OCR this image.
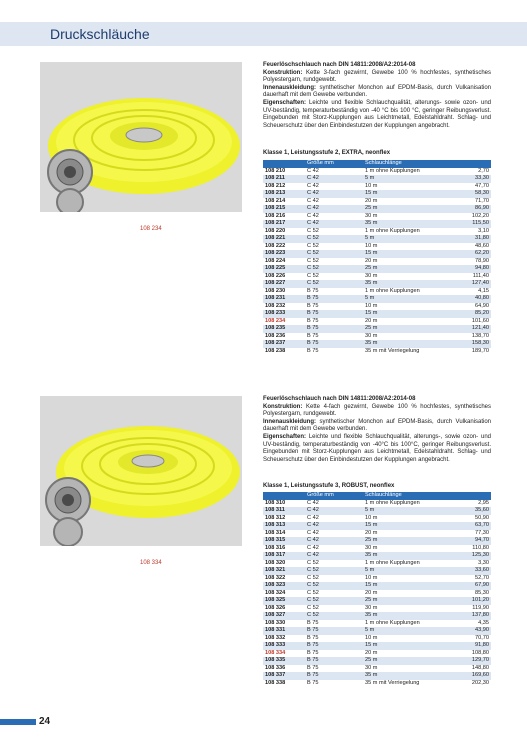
Druckschläuche
108 234
Feuerlöschschlauch nach DIN 14811:2008/A2:2014-08
Konstruktion: Kette 3-fach gezwirnt, Gewebe 100 % hochfestes, synthetisches Polyestergarn, rundgewebt.
Innenauskleidung: synthetischer Monchon auf EPDM-Basis, durch Vulkanisation dauerhaft mit dem Gewebe verbunden.
Eigenschaften: Leichte und flexible Schlauchqualität, alterungs- sowie ozon- und UV-beständig, temperaturbeständig von -40 °C bis 100 °C, geringer Reibungsverlust. Eingebunden mit Storz-Kupplungen aus Leichtmetall, Edelstahldraht. Schlag- und Scheuerschutz über den Einbindestutzen der Kupplungen angebracht.
Klasse 1, Leistungsstufe 2, EXTRA, neonflex
	Größe mm	Schlauchlänge	
108 210	C 42	1 m ohne Kupplungen	2,70
108 211	C 42	5 m	33,30
108 212	C 42	10 m	47,70
108 213	C 42	15 m	58,30
108 214	C 42	20 m	71,70
108 215	C 42	25 m	86,90
108 216	C 42	30 m	102,20
108 217	C 42	35 m	115,50
108 220	C 52	1 m ohne Kupplungen	3,10
108 221	C 52	5 m	31,80
108 222	C 52	10 m	48,60
108 223	C 52	15 m	62,20
108 224	C 52	20 m	78,90
108 225	C 52	25 m	94,80
108 226	C 52	30 m	111,40
108 227	C 52	35 m	127,40
108 230	B 75	1 m ohne Kupplungen	4,15
108 231	B 75	5 m	40,80
108 232	B 75	10 m	64,90
108 233	B 75	15 m	85,20
108 234	B 75	20 m	101,60
108 235	B 75	25 m	121,40
108 236	B 75	30 m	138,70
108 237	B 75	35 m	158,30
108 238	B 75	35 m mit Verriegelung	189,70
108 334
Feuerlöschschlauch nach DIN 14811:2008/A2:2014-08
Konstruktion: Kette 4-fach gezwirnt, Gewebe 100 % hochfestes, synthetisches Polyestergarn, rundgewebt.
Innenauskleidung: synthetischer Monchon auf EPDM-Basis, durch Vulkanisation dauerhaft mit dem Gewebe verbunden.
Eigenschaften: Leichte und flexible Schlauchqualität, alterungs-, sowie ozon- und UV-beständig, temperaturbeständig von -40°C bis 100°C, geringer Reibungsverlust. Eingebunden mit Storz-Kupplungen aus Leichtmetall, Edelstahldraht. Schlag- und Scheuerschutz über den Einbindestutzen der Kupplungen angebracht.
Klasse 1, Leistungsstufe 3, ROBUST, neonflex
	Größe mm	Schlauchlänge	
108 310	C 42	1 m ohne Kupplungen	2,95
108 311	C 42	5 m	35,60
108 312	C 42	10 m	50,90
108 313	C 42	15 m	63,70
108 314	C 42	20 m	77,30
108 315	C 42	25 m	94,70
108 316	C 42	30 m	110,80
108 317	C 42	35 m	125,30
108 320	C 52	1 m ohne Kupplungen	3,30
108 321	C 52	5 m	33,60
108 322	C 52	10 m	52,70
108 323	C 52	15 m	67,90
108 324	C 52	20 m	85,30
108 325	C 52	25 m	101,20
108 326	C 52	30 m	119,90
108 327	C 52	35 m	137,80
108 330	B 75	1 m ohne Kupplungen	4,35
108 331	B 75	5 m	43,90
108 332	B 75	10 m	70,70
108 333	B 75	15 m	91,80
108 334	B 75	20 m	108,80
108 335	B 75	25 m	129,70
108 336	B 75	30 m	148,80
108 337	B 75	35 m	169,60
108 338	B 75	35 m mit Verriegelung	202,30
24
